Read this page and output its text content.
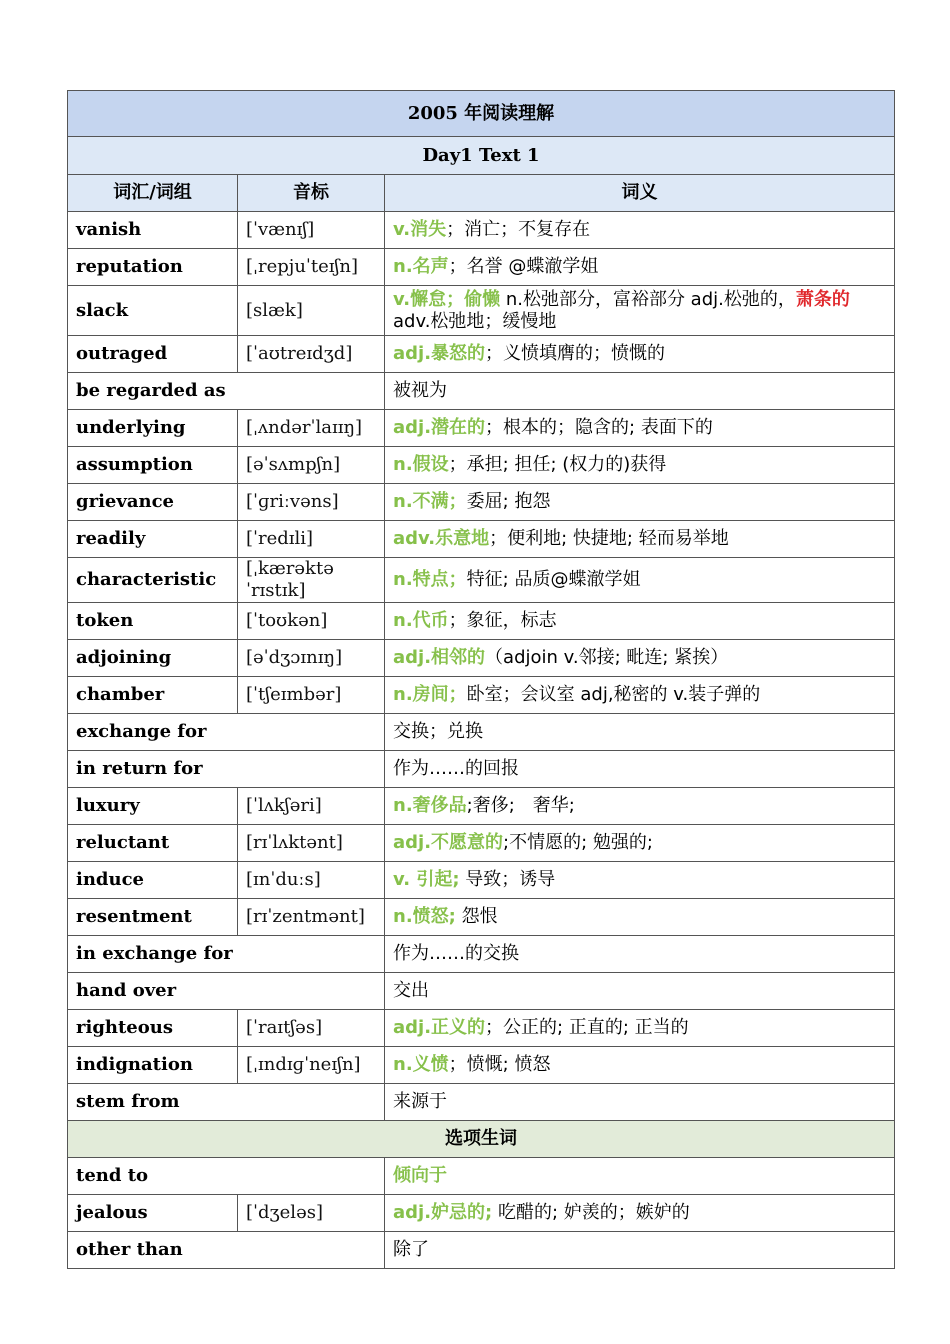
2005 年阅读理解		
Day1 Text 1		
词汇/词组	音标	词义
vanish	[ˈvænɪʃ]	v.消失；消亡；不复存在
reputation	[ˌrepjuˈteɪʃn]	n.名声；名誉 @蝶澈学姐
slack	[slæk]	v.懈怠；偷懒 n.松弛部分，富裕部分 adj.松弛的，萧条的 adv.松弛地；缓慢地
outraged	[ˈaʊtreɪdʒd]	adj.暴怒的；义愤填膺的；愤慨的
be regarded as		被视为
underlying	[ˌʌndərˈlaɪɪŋ]	adj.潜在的；根本的；隐含的; 表面下的
assumption	[əˈsʌmpʃn]	n.假设；承担; 担任; (权力的)获得
grievance	[ˈɡriːvəns]	n.不满；委屈; 抱怨
readily	[ˈredɪli]	adv.乐意地；便利地; 快捷地; 轻而易举地
characteristic	[ˌkærəktəˈrɪstɪk]	n.特点；特征; 品质@蝶澈学姐
token	[ˈtoʊkən]	n.代币；象征，标志
adjoining	[əˈdʒɔɪnɪŋ]	adj.相邻的（adjoin v.邻接; 毗连; 紧挨）
chamber	[ˈtʃeɪmbər]	n.房间；卧室；会议室 adj,秘密的 v.装子弹的
exchange for		交换；兑换
in return for		作为……的回报
luxury	[ˈlʌkʃəri]	n.奢侈品;奢侈;　奢华;
reluctant	[rɪˈlʌktənt]	adj.不愿意的;不情愿的; 勉强的;
induce	[ɪnˈduːs]	v. 引起; 导致；诱导
resentment	[rɪˈzentmənt]	n.愤怒; 怨恨
in exchange for		作为……的交换
hand over		交出
righteous	[ˈraɪtʃəs]	adj.正义的；公正的; 正直的; 正当的
indignation	[ˌɪndɪɡˈneɪʃn]	n.义愤；愤慨; 愤怒
stem from		来源于
选项生词		
tend to		倾向于
jealous	[ˈdʒeləs]	adj.妒忌的; 吃醋的; 妒羡的；嫉妒的
other than		除了
